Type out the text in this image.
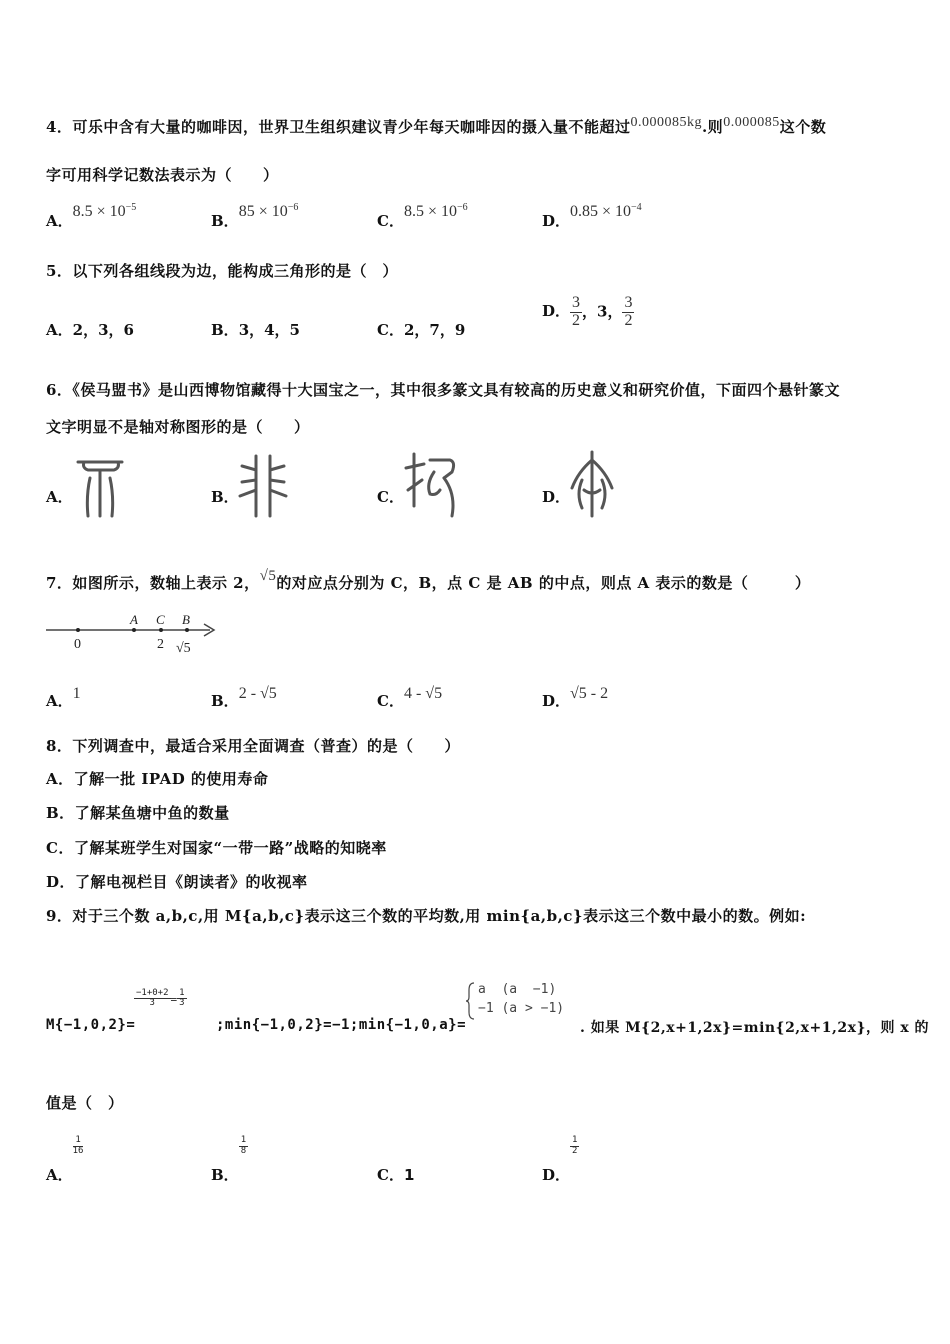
4．可乐中含有大量的咖啡因，世界卫生组织建议青少年每天咖啡因的摄入量不能超过0.000085kg.则0.000085这个数
字可用科学记数法表示为（　　）
A．$8.5 \times 10^{-5}$
B．$85 \times 10^{-6}$
C．$8.5 \times 10^{-6}$
D．$0.85 \times 10^{-4}$
5．以下列各组线段为边，能构成三角形的是（　）
A．2，3，6	B．3，4，5	C．2，7，9
D． $\frac{3}{2}$ ，3， $\frac{3}{2}$
6．《侯马盟书》是山西博物馆藏得十大国宝之一，其中很多篆文具有较高的历史意义和研究价值，下面四个悬针篆文
文字明显不是轴对称图形的是（　　）
A．	B．	C．	D．
7．如图所示，数轴上表示 2，√5的对应点分别为 C，B，点 C 是 AB 的中点，则点 A 表示的数是（　　　）
0	2 √5
A C B
A．1	B．2 - √5	C．4 - √5	D．√5 - 2
8．下列调查中，最适合采用全面调查（普查）的是（　　）
A．了解一批 IPAD 的使用寿命
B．了解某鱼塘中鱼的数量
C．了解某班学生对国家“一带一路”战略的知晓率
D．了解电视栏目《朗读者》的收视率
9．对于三个数 a,b,c,用 M{a,b,c}表示这三个数的平均数,用 min{a,b,c}表示这三个数中最小的数。例如:
M{−1,0,2}=
$\frac{-1+0+2}{3} = \frac{1}{3}$
;min{−1,0,2}=−1;min{−1,0,a}=
a  (a  −1)
−1 (a > −1)
. 如果 M{2,x+1,2x}=min{2,x+1,2x}，则 x 的
值是（　）
A．
$\frac{1}{16}$
B．
$\frac{1}{8}$
C．1	D．
$\frac{1}{2}$
